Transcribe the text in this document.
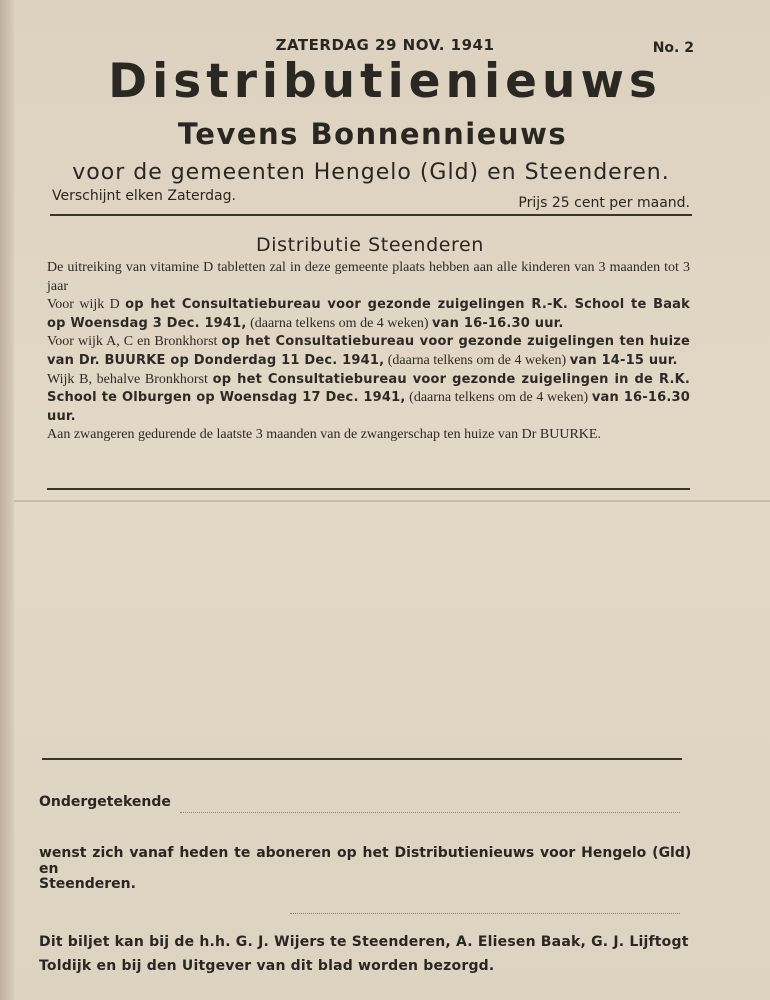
ZATERDAG 29 NOV. 1941	No. 2
Distributienieuws
Tevens Bonnennieuws
voor de gemeenten Hengelo (Gld) en Steenderen.
Verschijnt elken Zaterdag.	Prijs 25 cent per maand.
Distributie Steenderen

De uitreiking van vitamine D tabletten zal in deze gemeente plaats hebben aan alle kinderen van 3 maanden tot 3 jaar

Voor wijk D op het Consultatiebureau voor gezonde zuigelingen R.-K. School te Baak op Woensdag 3 Dec. 1941, (daarna telkens om de 4 weken) van 16-16.30 uur.

Voor wijk A, C en Bronkhorst op het Consultatiebureau voor gezonde zuigelingen ten huize van Dr. BUURKE op Donderdag 11 Dec. 1941, (daarna telkens om de 4 weken) van 14-15 uur.

Wijk B, behalve Bronkhorst op het Consultatiebureau voor gezonde zuigelingen in de R.K. School te Olburgen op Woensdag 17 Dec. 1941, (daarna telkens om de 4 weken) van 16-16.30 uur.

Aan zwangeren gedurende de laatste 3 maanden van de zwangerschap ten huize van Dr BUURKE.

Ondergetekende
wenst zich vanaf heden te aboneren op het Distributienieuws voor Hengelo (Gld) en
Steenderen.
Dit biljet kan bij de h.h. G. J. Wijers te Steenderen, A. Eliesen Baak, G. J. Lijftogt
Toldijk en bij den Uitgever van dit blad worden bezorgd.
